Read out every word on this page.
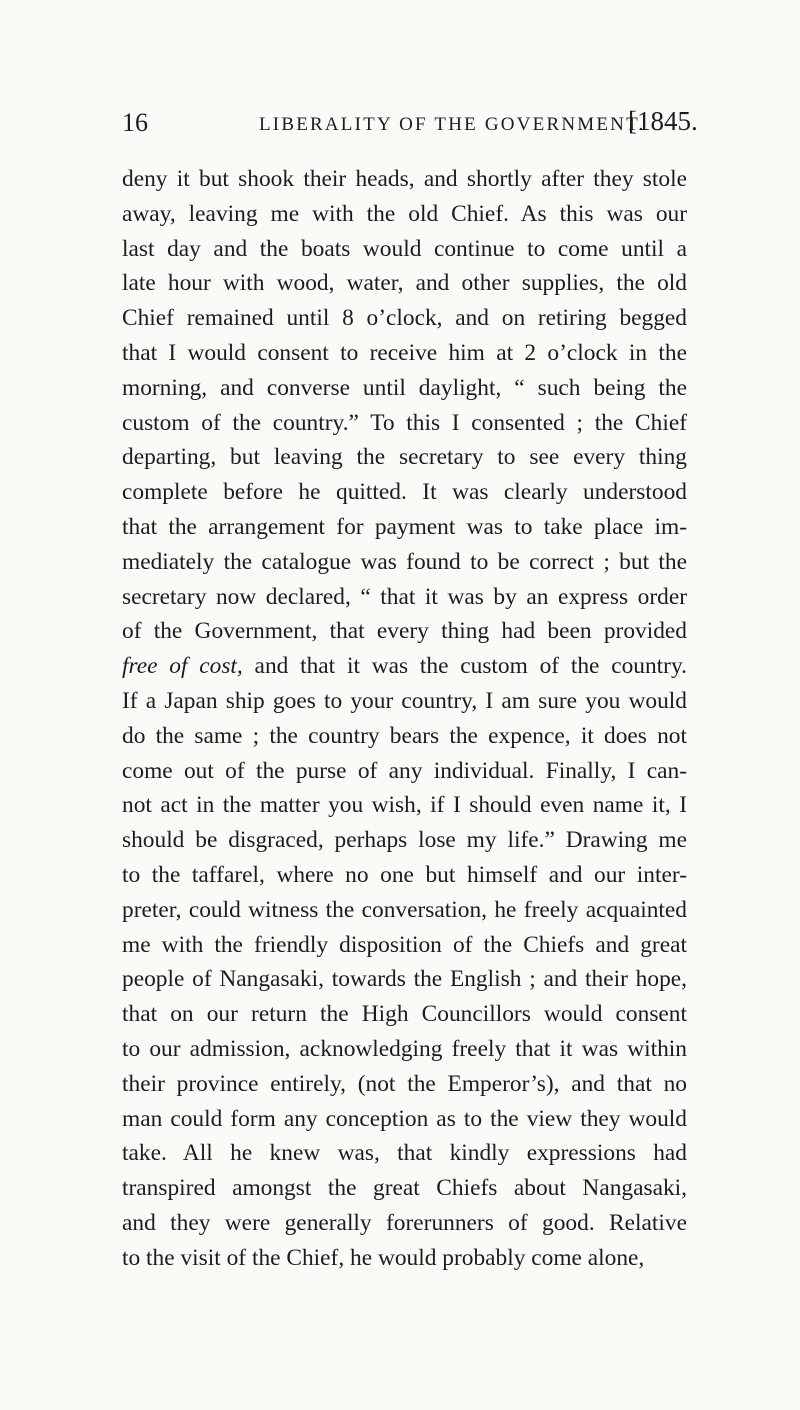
16	LIBERALITY OF THE GOVERNMENT.
[1845.
deny it but shook their heads, and shortly after they stole
away, leaving me with the old Chief. As this was our
last day and the boats would continue to come until a
late hour with wood, water, and other supplies, the old
Chief remained until 8 o’clock, and on retiring begged
that I would consent to receive him at 2 o’clock in the
morning, and converse until daylight, “ such being the
custom of the country.” To this I consented ; the Chief
departing, but leaving the secretary to see every thing
complete before he quitted. It was clearly understood
that the arrangement for payment was to take place im-
mediately the catalogue was found to be correct ; but the
secretary now declared, “ that it was by an express order
of the Government, that every thing had been provided
free of cost, and that it was the custom of the country.
If a Japan ship goes to your country, I am sure you would
do the same ; the country bears the expence, it does not
come out of the purse of any individual. Finally, I can-
not act in the matter you wish, if I should even name it, I
should be disgraced, perhaps lose my life.” Drawing me
to the taffarel, where no one but himself and our inter-
preter, could witness the conversation, he freely acquainted
me with the friendly disposition of the Chiefs and great
people of Nangasaki, towards the English ; and their hope,
that on our return the High Councillors would consent
to our admission, acknowledging freely that it was within
their province entirely, (not the Emperor’s), and that no
man could form any conception as to the view they would
take. All he knew was, that kindly expressions had
transpired amongst the great Chiefs about Nangasaki,
and they were generally forerunners of good. Relative
to the visit of the Chief, he would probably come alone,
